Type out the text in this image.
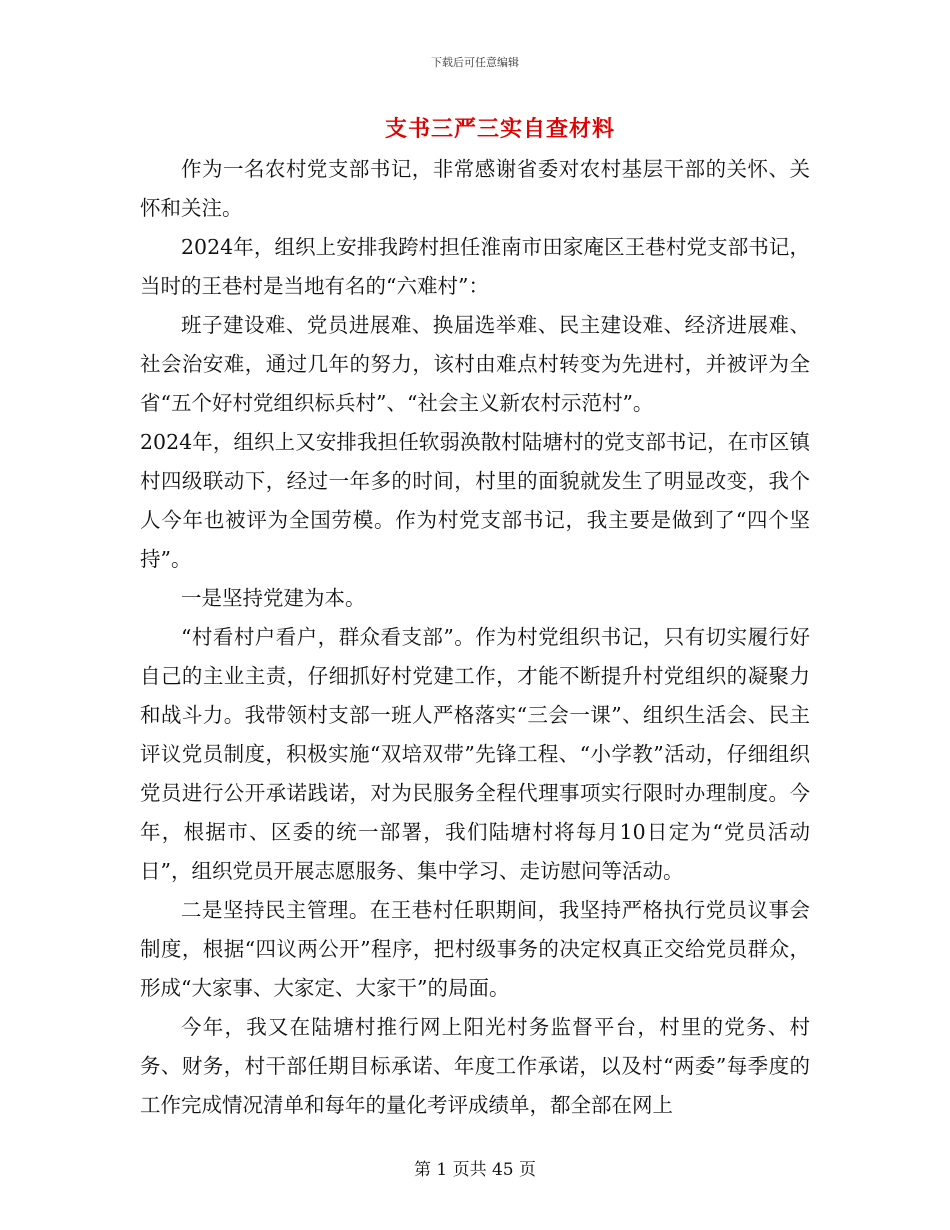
下载后可任意编辑
支书三严三实自查材料

作为一名农村党支部书记，非常感谢省委对农村基层干部的关怀、关怀和关注。

2024年，组织上安排我跨村担任淮南市田家庵区王巷村党支部书记，当时的王巷村是当地有名的“六难村”：

班子建设难、党员进展难、换届选举难、民主建设难、经济进展难、社会治安难，通过几年的努力，该村由难点村转变为先进村，并被评为全省“五个好村党组织标兵村”、“社会主义新农村示范村”。

2024年，组织上又安排我担任软弱涣散村陆塘村的党支部书记，在市区镇村四级联动下，经过一年多的时间，村里的面貌就发生了明显改变，我个人今年也被评为全国劳模。作为村党支部书记，我主要是做到了“四个坚持”。

一是坚持党建为本。

“村看村户看户，群众看支部”。作为村党组织书记，只有切实履行好自己的主业主责，仔细抓好村党建工作，才能不断提升村党组织的凝聚力和战斗力。我带领村支部一班人严格落实“三会一课”、组织生活会、民主评议党员制度，积极实施“双培双带”先锋工程、“小学教”活动，仔细组织党员进行公开承诺践诺，对为民服务全程代理事项实行限时办理制度。今年，根据市、区委的统一部署，我们陆塘村将每月10日定为“党员活动日”，组织党员开展志愿服务、集中学习、走访慰问等活动。

二是坚持民主管理。在王巷村任职期间，我坚持严格执行党员议事会制度，根据“四议两公开”程序，把村级事务的决定权真正交给党员群众，形成“大家事、大家定、大家干”的局面。

今年，我又在陆塘村推行网上阳光村务监督平台，村里的党务、村务、财务，村干部任期目标承诺、年度工作承诺，以及村“两委”每季度的工作完成情况清单和每年的量化考评成绩单，都全部在网上

第 1 页共 45 页
